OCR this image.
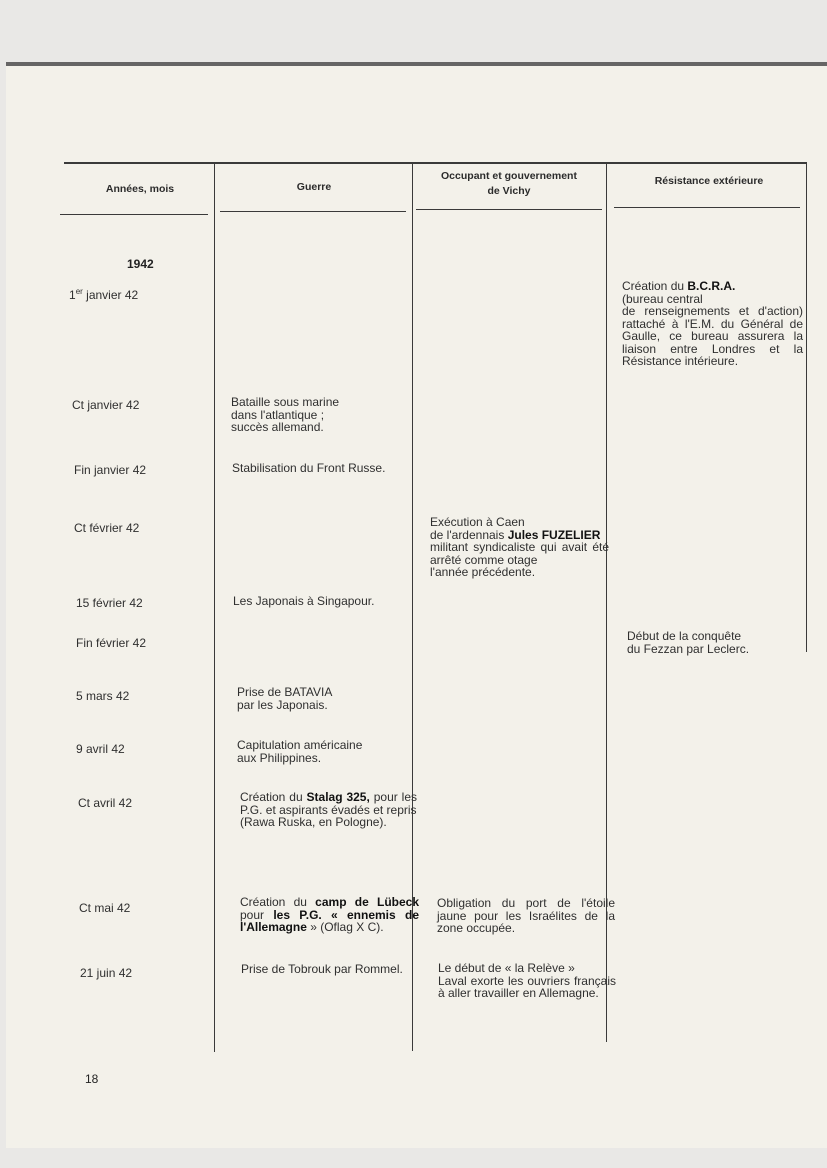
Années, mois	Guerre
Occupant et gouvernement de Vichy
Résistance extérieure
1942
1er janvier 42
Ct janvier 42
Fin janvier 42
Ct février 42
15 février 42
Fin février 42
5 mars 42
9 avril 42
Ct avril 42
Ct mai 42
21 juin 42
Bataille sous marine
dans l'atlantique ;
succès allemand.
Stabilisation du Front Russe.
Les Japonais à Singapour.
Prise de BATAVIA
par les Japonais.
Capitulation américaine
aux Philippines.
Création du Stalag 325, pour les P.G. et aspirants évadés et repris
(Rawa Ruska, en Pologne).
Création du camp de Lübeck pour les P.G. « ennemis de l'Allemagne » (Oflag X C).
Prise de Tobrouk par Rommel.
Exécution à Caen
de l'ardennais Jules FUZELIER
militant syndicaliste qui avait été arrêté comme otage
l'année précédente.
Obligation du port de l'étoile jaune pour les Israélites de la zone occupée.
Le début de « la Relève »
Laval exorte les ouvriers français à aller travailler en Allemagne.
Création du B.C.R.A.
(bureau central
de renseignements et d'action) rattaché à l'E.M. du Général de Gaulle, ce bureau assurera la liaison entre Londres et la Résistance intérieure.
Début de la conquête
du Fezzan par Leclerc.
18
